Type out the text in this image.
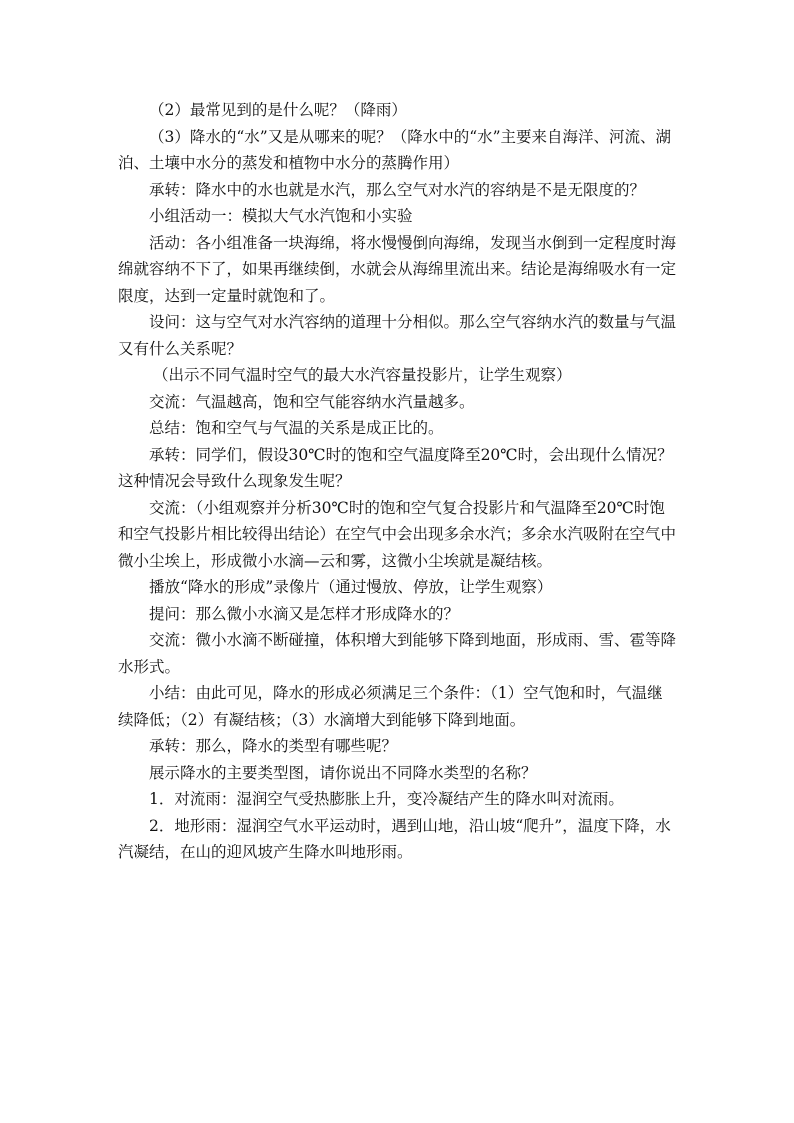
（2）最常见到的是什么呢？（降雨）

（3）降水的“水”又是从哪来的呢？（降水中的“水”主要来自海洋、河流、湖泊、土壤中水分的蒸发和植物中水分的蒸腾作用）

承转：降水中的水也就是水汽，那么空气对水汽的容纳是不是无限度的？

小组活动一：模拟大气水汽饱和小实验

活动：各小组准备一块海绵，将水慢慢倒向海绵，发现当水倒到一定程度时海绵就容纳不下了，如果再继续倒，水就会从海绵里流出来。结论是海绵吸水有一定限度，达到一定量时就饱和了。

设问：这与空气对水汽容纳的道理十分相似。那么空气容纳水汽的数量与气温又有什么关系呢？

（出示不同气温时空气的最大水汽容量投影片，让学生观察）

交流：气温越高，饱和空气能容纳水汽量越多。

总结：饱和空气与气温的关系是成正比的。

承转：同学们，假设30℃时的饱和空气温度降至20℃时，会出现什么情况？这种情况会导致什么现象发生呢？

交流：（小组观察并分析30℃时的饱和空气复合投影片和气温降至20℃时饱和空气投影片相比较得出结论）在空气中会出现多余水汽；多余水汽吸附在空气中微小尘埃上，形成微小水滴—云和雾，这微小尘埃就是凝结核。

播放“降水的形成”录像片（通过慢放、停放，让学生观察）

提问：那么微小水滴又是怎样才形成降水的？

交流：微小水滴不断碰撞，体积增大到能够下降到地面，形成雨、雪、雹等降水形式。

小结：由此可见，降水的形成必须满足三个条件：（1）空气饱和时，气温继续降低；（2）有凝结核；（3）水滴增大到能够下降到地面。

承转：那么，降水的类型有哪些呢？

展示降水的主要类型图，请你说出不同降水类型的名称？

1．对流雨：湿润空气受热膨胀上升，变冷凝结产生的降水叫对流雨。

2．地形雨：湿润空气水平运动时，遇到山地，沿山坡“爬升”，温度下降，水汽凝结，在山的迎风坡产生降水叫地形雨。
